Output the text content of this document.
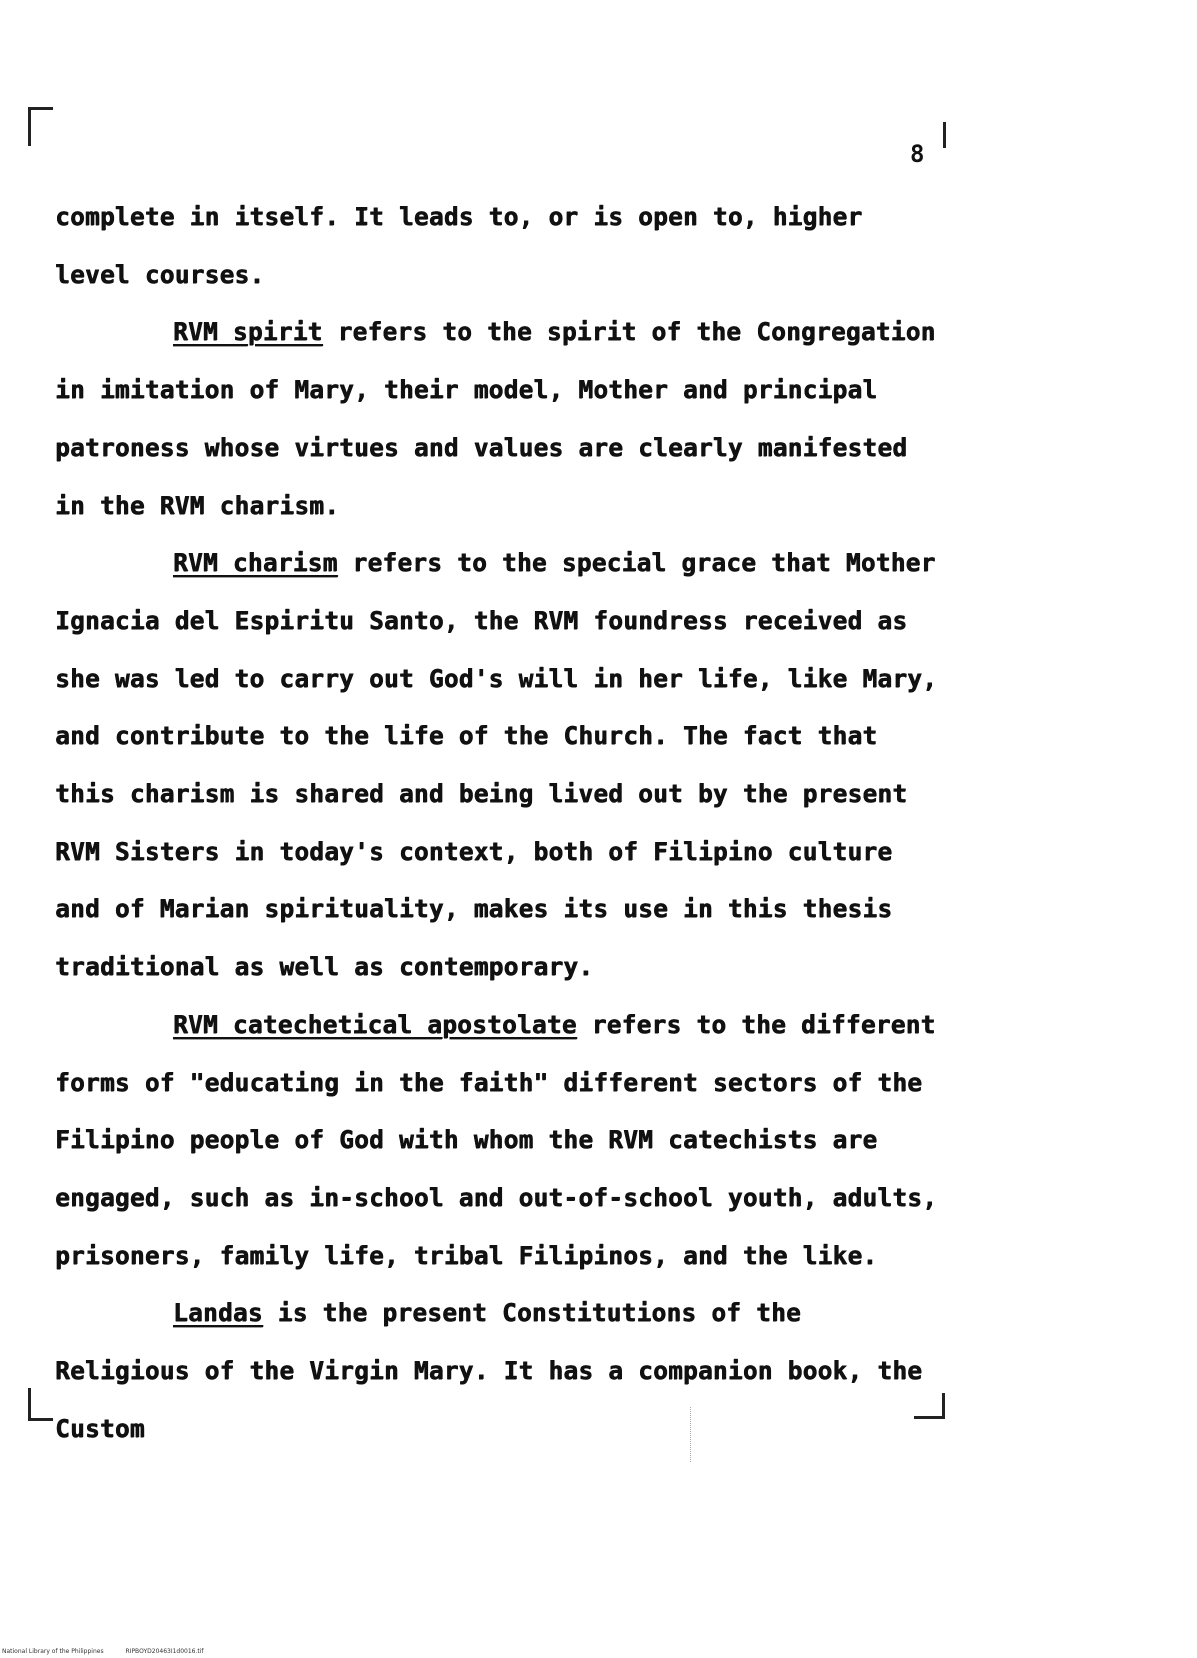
8

complete in itself. It leads to, or is open to, higher level courses.

RVM spirit refers to the spirit of the Congregation in imitation of Mary, their model, Mother and principal patroness whose virtues and values are clearly manifested in the RVM charism.

RVM charism refers to the special grace that Mother Ignacia del Espiritu Santo, the RVM foundress received as she was led to carry out God's will in her life, like Mary, and contribute to the life of the Church. The fact that this charism is shared and being lived out by the present RVM Sisters in today's context, both of Filipino culture and of Marian spirituality, makes its use in this thesis traditional as well as contemporary.

RVM catechetical apostolate refers to the different forms of "educating in the faith" different sectors of the Filipino people of God with whom the RVM catechists are engaged, such as in-school and out-of-school youth, adults, prisoners, family life, tribal Filipinos, and the like.

Landas is the present Constitutions of the Religious of the Virgin Mary. It has a companion book, the Custom

National Library of the Philippines	RIPBOYD20463I1d0016.tif
